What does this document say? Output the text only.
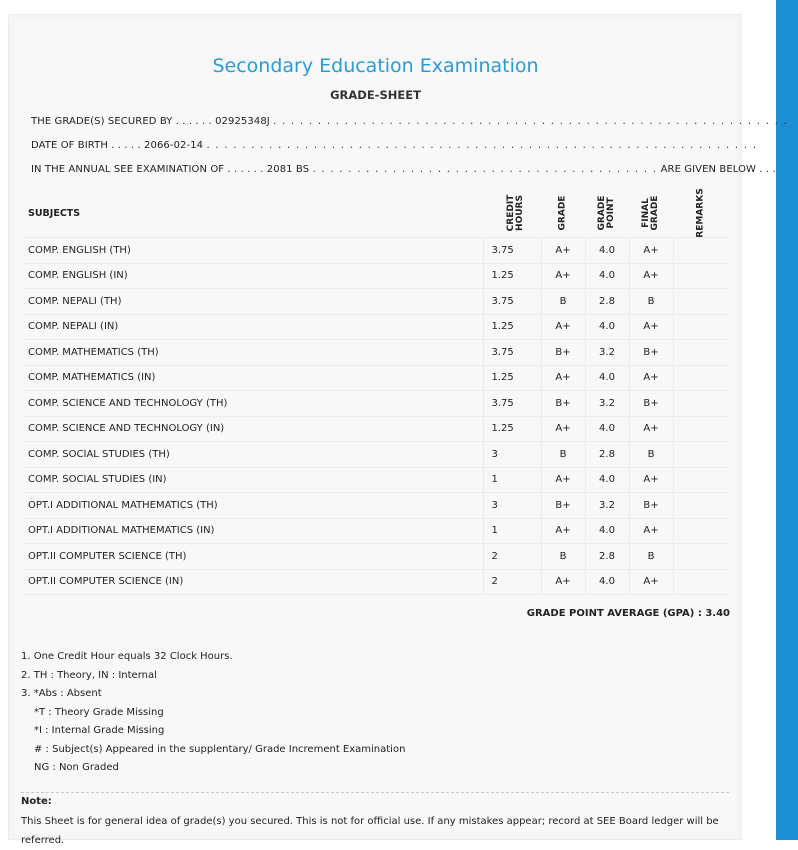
Secondary Education Examination
GRADE-SHEET
THE GRADE(S) SECURED BY . . . . . . 02925348J . . . . . . . . . . . . . . . . . . . . . . . . . . . . . . . . . . . . . . . . . . . . . . . . . . . . . . . . . .
DATE OF BIRTH . . . . . 2066-02-14 . . . . . . . . . . . . . . . . . . . . . . . . . . . . . . . . . . . . . . . . . . . . . . . . . . . . . . . . . . . . . .
IN THE ANNUAL SEE EXAMINATION OF . . . . . . 2081 BS . . . . . . . . . . . . . . . . . . . . . . . . . . . . . . . . . . . . . . . ARE GIVEN BELOW . . .
SUBJECTS	CREDIT HOURS	GRADE	GRADE POINT	FINAL GRADE	REMARKS

COMP. ENGLISH (TH)	3.75	A+	4.0	A+	
COMP. ENGLISH (IN)	1.25	A+	4.0	A+	
COMP. NEPALI (TH)	3.75	B	2.8	B	
COMP. NEPALI (IN)	1.25	A+	4.0	A+	
COMP. MATHEMATICS (TH)	3.75	B+	3.2	B+	
COMP. MATHEMATICS (IN)	1.25	A+	4.0	A+	
COMP. SCIENCE AND TECHNOLOGY (TH)	3.75	B+	3.2	B+	
COMP. SCIENCE AND TECHNOLOGY (IN)	1.25	A+	4.0	A+	
COMP. SOCIAL STUDIES (TH)	3	B	2.8	B	
COMP. SOCIAL STUDIES (IN)	1	A+	4.0	A+	
OPT.I ADDITIONAL MATHEMATICS (TH)	3	B+	3.2	B+	
OPT.I ADDITIONAL MATHEMATICS (IN)	1	A+	4.0	A+	
OPT.II COMPUTER SCIENCE (TH)	2	B	2.8	B	
OPT.II COMPUTER SCIENCE (IN)	2	A+	4.0	A+	
GRADE POINT AVERAGE (GPA) : 3.40
1. One Credit Hour equals 32 Clock Hours.
2. TH : Theory, IN : Internal
3. *Abs : Absent
*T : Theory Grade Missing
*I : Internal Grade Missing
# : Subject(s) Appeared in the supplentary/ Grade Increment Examination
NG : Non Graded
Note:
This Sheet is for general idea of grade(s) you secured. This is not for official use. If any mistakes appear; record at SEE Board ledger will be referred.
